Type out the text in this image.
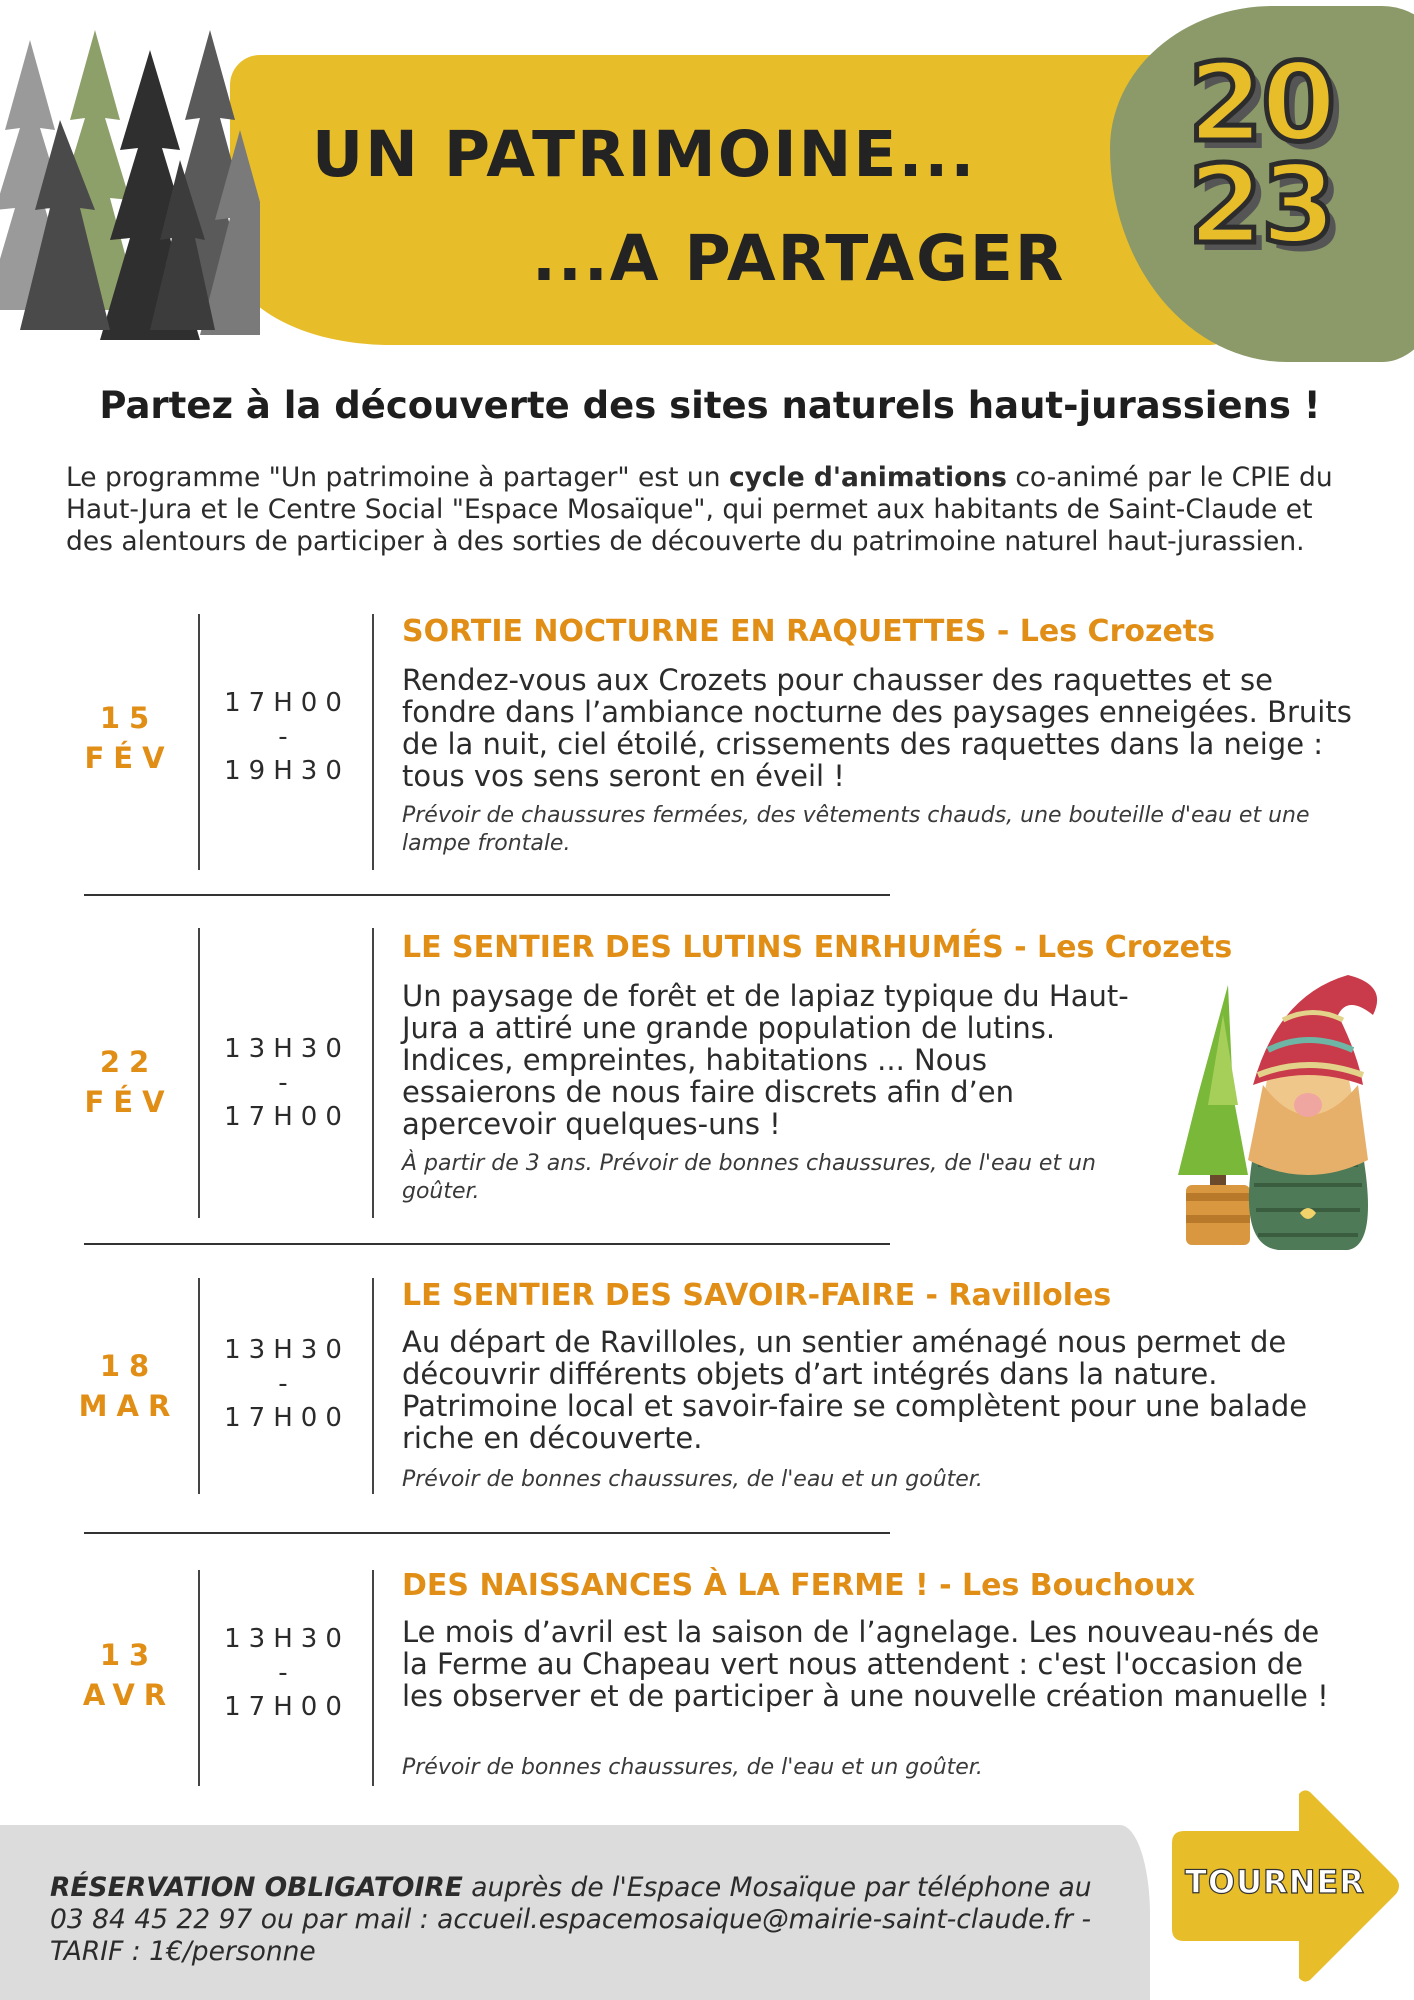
UN PATRIMOINE...
...A PARTAGER
20
23
Partez à la découverte des sites naturels haut-jurassiens !
Le programme "Un patrimoine à partager" est un cycle d'animations co-animé par le CPIE du Haut-Jura et le Centre Social "Espace Mosaïque", qui permet aux habitants de Saint-Claude et des alentours de participer à des sorties de découverte du patrimoine naturel haut-jurassien.
15
FÉV
17H00
-
19H30
SORTIE NOCTURNE EN RAQUETTES - Les Crozets
Rendez-vous aux Crozets pour chausser des raquettes et se fondre dans l’ambiance nocturne des paysages enneigées. Bruits de la nuit, ciel étoilé, crissements des raquettes dans la neige : tous vos sens seront en éveil !
Prévoir de chaussures fermées, des vêtements chauds, une bouteille d'eau et une lampe frontale.
22
FÉV
13H30
-
17H00
LE SENTIER DES LUTINS ENRHUMÉS - Les Crozets
Un paysage de forêt et de lapiaz typique du Haut-Jura a attiré une grande population de lutins. Indices, empreintes, habitations ... Nous essaierons de nous faire discrets afin d’en apercevoir quelques-uns !
À partir de 3 ans. Prévoir de bonnes chaussures, de l'eau et un goûter.
18
MAR
13H30
-
17H00
LE SENTIER DES SAVOIR-FAIRE - Ravilloles
Au départ de Ravilloles, un sentier aménagé nous permet de découvrir différents objets d’art intégrés dans la nature. Patrimoine local et savoir-faire se complètent pour une balade riche en découverte.
Prévoir de bonnes chaussures, de l'eau et un goûter.
13
AVR
13H30
-
17H00
DES NAISSANCES À LA FERME ! - Les Bouchoux
Le mois d’avril est la saison de l’agnelage. Les nouveau-nés de la Ferme au Chapeau vert nous attendent : c'est l'occasion de les observer et de participer à une nouvelle création manuelle !
Prévoir de bonnes chaussures, de l'eau et un goûter.
RÉSERVATION OBLIGATOIRE auprès de l'Espace Mosaïque par téléphone au 03 84 45 22 97 ou par mail : accueil.espacemosaique@mairie-saint-claude.fr - TARIF : 1€/personne
TOURNER
